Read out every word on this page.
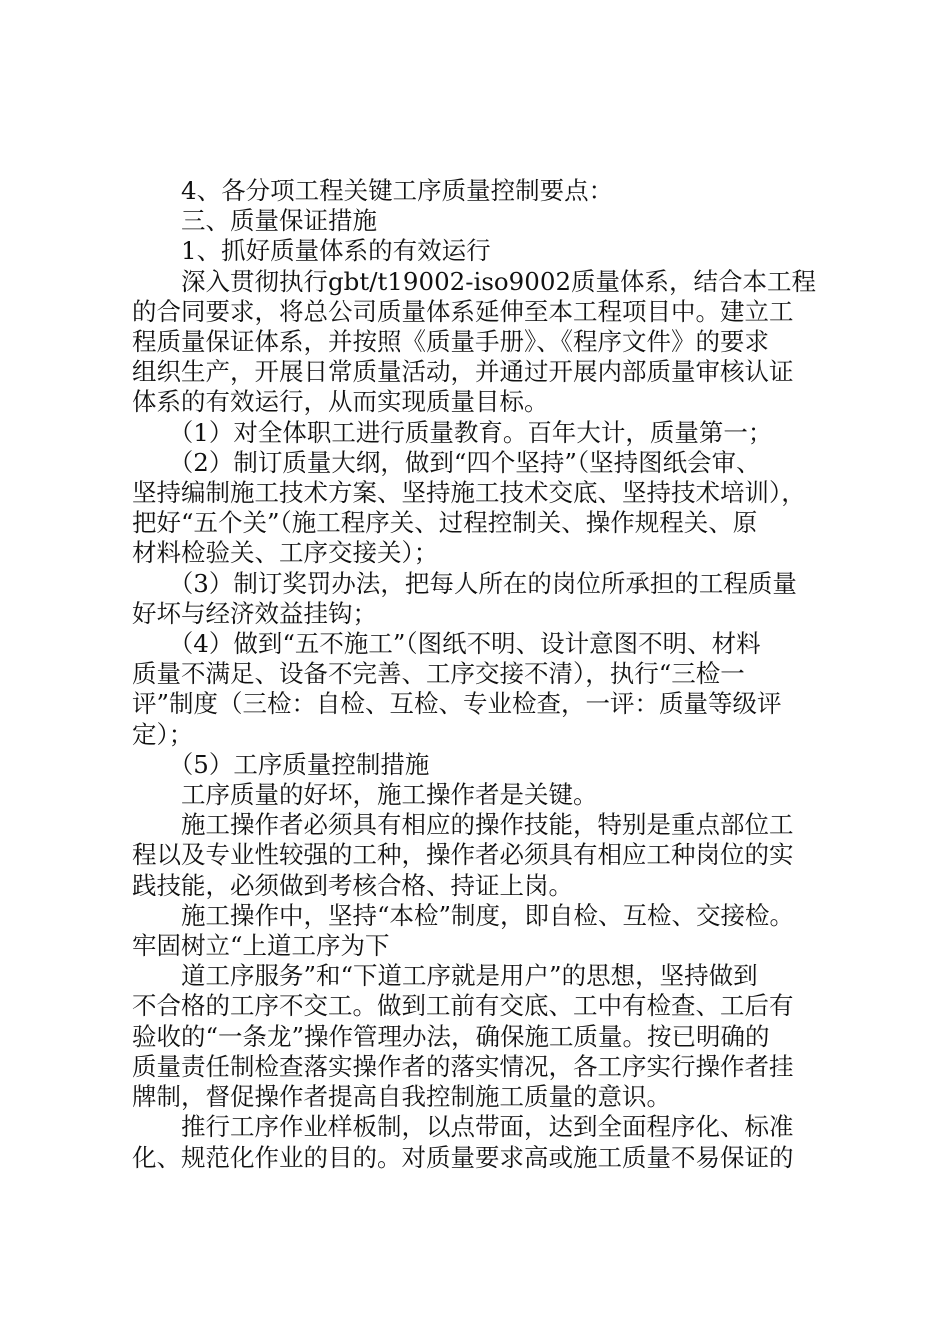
　　4、各分项工程关键工序质量控制要点：
　　三、质量保证措施
　　1、抓好质量体系的有效运行
　　深入贯彻执行gbt/t19002-iso9002质量体系，结合本工程
的合同要求，将总公司质量体系延伸至本工程项目中。建立工
程质量保证体系，并按照《质量手册》、《程序文件》的要求
组织生产，开展日常质量活动，并通过开展内部质量审核认证
体系的有效运行，从而实现质量目标。
　　（1）对全体职工进行质量教育。百年大计，质量第一；
　　（2）制订质量大纲，做到“四个坚持”（坚持图纸会审、
坚持编制施工技术方案、坚持施工技术交底、坚持技术培训），
把好“五个关”（施工程序关、过程控制关、操作规程关、原
材料检验关、工序交接关）；
　　（3）制订奖罚办法，把每人所在的岗位所承担的工程质量
好坏与经济效益挂钩；
　　（4）做到“五不施工”（图纸不明、设计意图不明、材料
质量不满足、设备不完善、工序交接不清），执行“三检一
评”制度（三检：自检、互检、专业检查，一评：质量等级评
定）；
　　（5）工序质量控制措施
　　工序质量的好坏，施工操作者是关键。
　　施工操作者必须具有相应的操作技能，特别是重点部位工
程以及专业性较强的工种，操作者必须具有相应工种岗位的实
践技能，必须做到考核合格、持证上岗。
　　施工操作中，坚持“本检”制度，即自检、互检、交接检。
牢固树立“上道工序为下
　　道工序服务”和“下道工序就是用户”的思想，坚持做到
不合格的工序不交工。做到工前有交底、工中有检查、工后有
验收的“一条龙”操作管理办法，确保施工质量。按已明确的
质量责任制检查落实操作者的落实情况，各工序实行操作者挂
牌制，督促操作者提高自我控制施工质量的意识。
　　推行工序作业样板制，以点带面，达到全面程序化、标准
化、规范化作业的目的。对质量要求高或施工质量不易保证的
